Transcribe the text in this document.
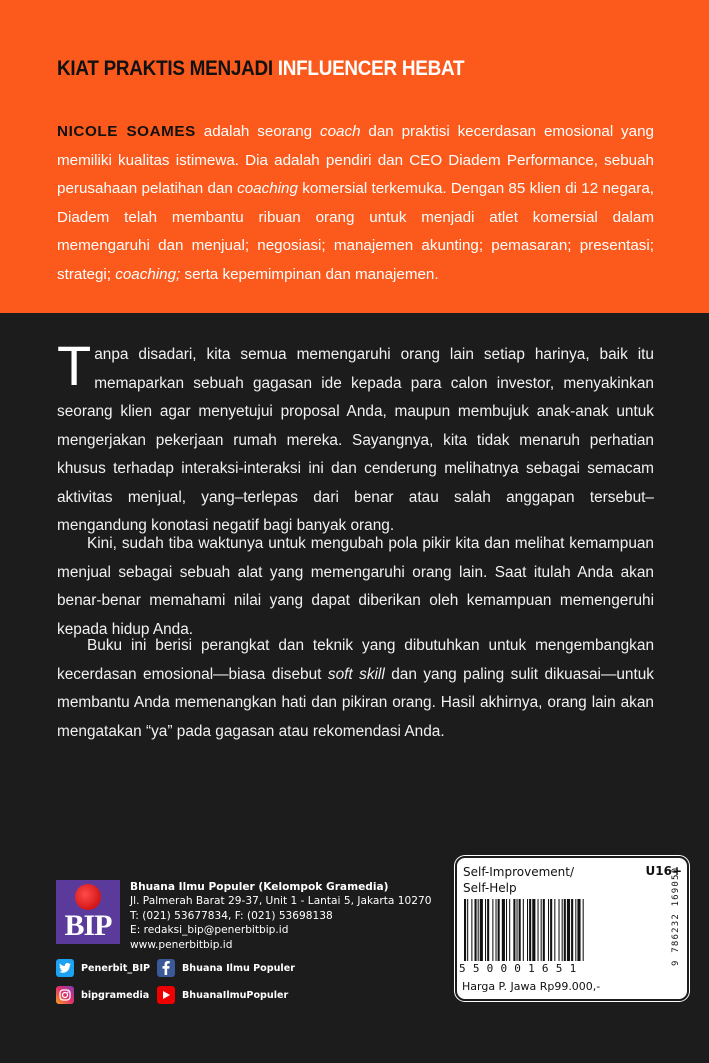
KIAT PRAKTIS MENJADI INFLUENCER HEBAT
NICOLE SOAMES adalah seorang coach dan praktisi kecerdasan emosional yang memiliki kualitas istimewa. Dia adalah pendiri dan CEO Diadem Performance, sebuah perusahaan pelatihan dan coaching komersial terkemuka. Dengan 85 klien di 12 negara, Diadem telah membantu ribuan orang untuk menjadi atlet komersial dalam memengaruhi dan menjual; negosiasi; manajemen akunting; pemasaran; presentasi; strategi; coaching; serta kepemimpinan dan manajemen.
Tanpa disadari, kita semua memengaruhi orang lain setiap harinya, baik itu memaparkan sebuah gagasan ide kepada para calon investor, menyakinkan seorang klien agar menyetujui proposal Anda, maupun membujuk anak-anak untuk mengerjakan pekerjaan rumah mereka. Sayangnya, kita tidak menaruh perhatian khusus terhadap interaksi-interaksi ini dan cenderung melihatnya sebagai semacam aktivitas menjual, yang–terlepas dari benar atau salah anggapan tersebut–mengandung konotasi negatif bagi banyak orang.
Kini, sudah tiba waktunya untuk mengubah pola pikir kita dan melihat kemampuan menjual sebagai sebuah alat yang memengaruhi orang lain. Saat itulah Anda akan benar-benar memahami nilai yang dapat diberikan oleh kemampuan memengeruhi kepada hidup Anda.
Buku ini berisi perangkat dan teknik yang dibutuhkan untuk mengembangkan kecerdasan emosional—biasa disebut soft skill dan yang paling sulit dikuasai—untuk membantu Anda memenangkan hati dan pikiran orang. Hasil akhirnya, orang lain akan mengatakan “ya” pada gagasan atau rekomendasi Anda.
BIP
Bhuana Ilmu Populer (Kelompok Gramedia)
Jl. Palmerah Barat 29-37, Unit 1 - Lantai 5, Jakarta 10270
T: (021) 53677834, F: (021) 53698138
E: redaksi_bip@penerbitbip.id
www.penerbitbip.id
Penerbit_BIP	Bhuana Ilmu Populer
bipgramedia	BhuanaIlmuPopuler
Self-Improvement/
Self-Help
U16+
550001651
9 786232 169050
Harga P. Jawa Rp99.000,-
